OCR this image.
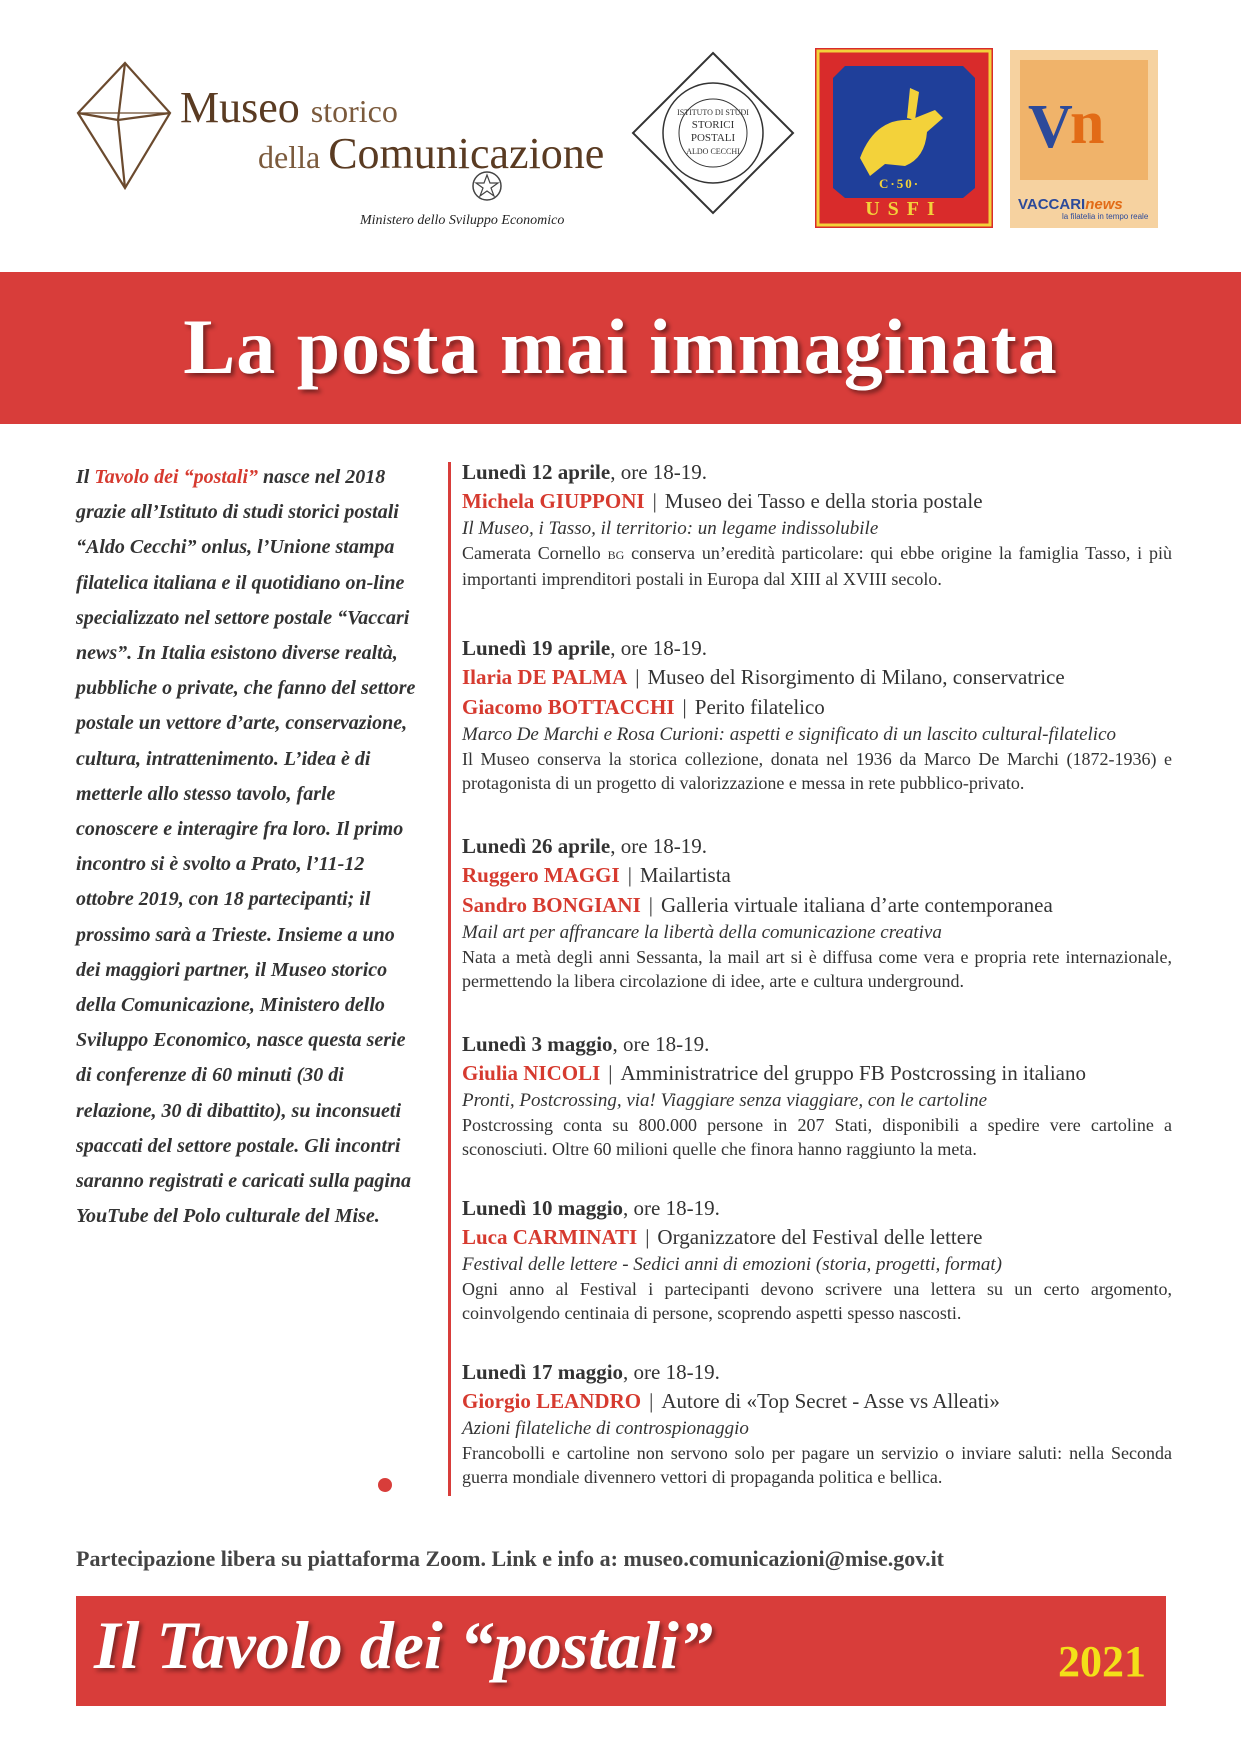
Museo storico
della Comunicazione
Ministero dello Sviluppo Economico
ISTITUTO DI STUDI
STORICI
POSTALI
ALDO CECCHI
C·50·
USFI
V
n
VACCARInews
la filatelia in tempo reale
La posta mai immaginata
Il Tavolo dei “postali” nasce nel 2018 grazie all’Istituto di studi storici postali “Aldo Cecchi” onlus, l’Unione stampa filatelica italiana e il quotidiano on-line specializzato nel settore postale “Vaccari news”. In Italia esistono diverse realtà, pubbliche o private, che fanno del settore postale un vettore d’arte, conservazione, cultura, intrattenimento. L’idea è di metterle allo stesso tavolo, farle conoscere e interagire fra loro. Il primo incontro si è svolto a Prato, l’11-12 ottobre 2019, con 18 partecipanti; il prossimo sarà a Trieste. Insieme a uno dei maggiori partner, il Museo storico della Comunicazione, Ministero dello Sviluppo Economico, nasce questa serie di conferenze di 60 minuti (30 di relazione, 30 di dibattito), su inconsueti spaccati del settore postale. Gli incontri saranno registrati e caricati sulla pagina YouTube del Polo culturale del Mise.
Lunedì 12 aprile, ore 18-19.
Michela GIUPPONI | Museo dei Tasso e della storia postale
Il Museo, i Tasso, il territorio: un legame indissolubile
Camerata Cornello BG conserva un’eredità particolare: qui ebbe origine la famiglia Tasso, i più importanti imprenditori postali in Europa dal XIII al XVIII secolo.
Lunedì 19 aprile, ore 18-19.
Ilaria DE PALMA | Museo del Risorgimento di Milano, conservatrice
Giacomo BOTTACCHI | Perito filatelico
Marco De Marchi e Rosa Curioni: aspetti e significato di un lascito cultural-filatelico
Il Museo conserva la storica collezione, donata nel 1936 da Marco De Marchi (1872-1936) e protagonista di un progetto di valorizzazione e messa in rete pubblico-privato.
Lunedì 26 aprile, ore 18-19.
Ruggero MAGGI | Mailartista
Sandro BONGIANI | Galleria virtuale italiana d’arte contemporanea
Mail art per affrancare la libertà della comunicazione creativa
Nata a metà degli anni Sessanta, la mail art si è diffusa come vera e propria rete internazionale, permettendo la libera circolazione di idee, arte e cultura underground.
Lunedì 3 maggio, ore 18-19.
Giulia NICOLI | Amministratrice del gruppo FB Postcrossing in italiano
Pronti, Postcrossing, via! Viaggiare senza viaggiare, con le cartoline
Postcrossing conta su 800.000 persone in 207 Stati, disponibili a spedire vere cartoline a sconosciuti. Oltre 60 milioni quelle che finora hanno raggiunto la meta.
Lunedì 10 maggio, ore 18-19.
Luca CARMINATI | Organizzatore del Festival delle lettere
Festival delle lettere - Sedici anni di emozioni (storia, progetti, format)
Ogni anno al Festival i partecipanti devono scrivere una lettera su un certo argomento, coinvolgendo centinaia di persone, scoprendo aspetti spesso nascosti.
Lunedì 17 maggio, ore 18-19.
Giorgio LEANDRO | Autore di «Top Secret - Asse vs Alleati»
Azioni filateliche di controspionaggio
Francobolli e cartoline non servono solo per pagare un servizio o inviare saluti: nella Seconda guerra mondiale divennero vettori di propaganda politica e bellica.
Partecipazione libera su piattaforma Zoom. Link e info a: museo.comunicazioni@mise.gov.it
Il Tavolo dei “postali”	2021
